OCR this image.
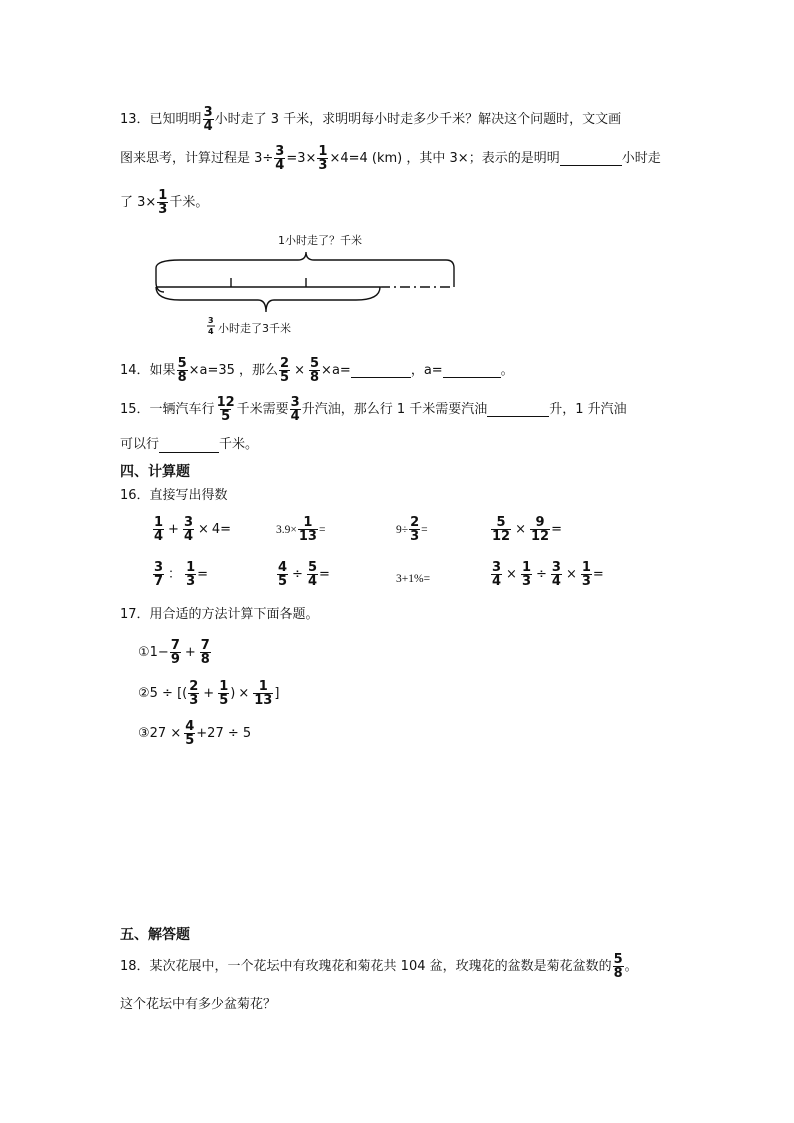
13． 已知明明 $\frac{3}{4}$ 小时走了 3 千米，求明明每小时走多少千米？解决这个问题时，文文画
图来思考，计算过程是 $3\div \frac{3}{4} =3\times \frac{1}{3} \times 4=4$ (km) ，其中 3× ； 表示的是明明	小时走
了 $3\times \frac{1}{3}$ 千米。
1小时走了？千米
3
4 小时走了3千米
14． 如果 $\frac{5}{8} \times a=35$ ，那么 $\frac{2}{5} \times \frac{5}{8} \times a=$	，a=	。
15． 一辆汽车行 $\frac{12}{5}$ 千米需要 $\frac{3}{4}$ 升汽油，那么行 1 千米需要汽油	升，1 升汽油
可以行	千米。
四、计算题
16．直接写出得数
$\frac{1}{4} + \frac{3}{4} \times 4=$	$3.9\times \frac{1}{13}$ =	$9\div \frac{2}{3}$ =	$\frac{5}{12} \times \frac{9}{12}$ =
$\frac{3}{7}$ ： $\frac{1}{3}$ =	$\frac{4}{5} \div \frac{5}{4}$ =	3+1%=	$\frac{3}{4} \times \frac{1}{3} \div \frac{3}{4} \times \frac{1}{3}$ =
17．用合适的方法计算下面各题。
①1− $\frac{7}{9} + \frac{7}{8}$
②5 ÷ [( $\frac{2}{3} + \frac{1}{5}$ ) × $\frac{1}{13}$ ]
③27 × $\frac{4}{5} +27 \div 5$
五、解答题
18．某次花展中，一个花坛中有玫瑰花和菊花共 104 盆，玫瑰花的盆数是菊花盆数的 $\frac{5}{8}$ 。
这个花坛中有多少盆菊花？
